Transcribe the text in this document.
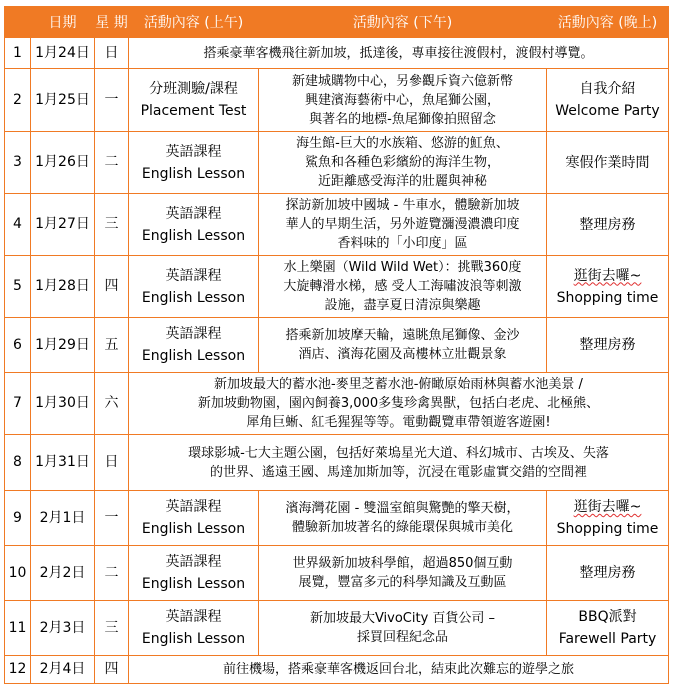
	日期	星 期	活動內容 (上午)	活動內容 (下午)	活動內容 (晚上)
1	1月24日	日	搭乘豪華客機飛往新加坡，抵達後，專車接往渡假村，渡假村導覽。		

2	1月25日	一	分班測驗/課程
Placement Test	新建城購物中心，另參觀斥資六億新幣
興建濱海藝術中心，魚尾獅公園，
與著名的地標-魚尾獅像拍照留念	自我介紹
Welcome Party

3	1月26日	二	英語課程
English Lesson	海生館-巨大的水族箱、悠游的魟魚、
鯊魚和各種色彩繽紛的海洋生物，
近距離感受海洋的壯麗與神秘	寒假作業時間

4	1月27日	三	英語課程
English Lesson	探訪新加坡中國城 - 牛車水，體驗新加坡
華人的早期生活，另外遊覽瀰漫濃濃印度
香料味的「小印度」區	整理房務

5	1月28日	四	英語課程
English Lesson	水上樂園（Wild Wild Wet）：挑戰360度
大旋轉滑水梯，感 受人工海嘯波浪等刺激
設施，盡享夏日清涼與樂趣	逛街去囉~
Shopping time

6	1月29日	五	英語課程
English Lesson	搭乘新加坡摩天輪，遠眺魚尾獅像、金沙
酒店、濱海花園及高樓林立壯觀景象	整理房務

7	1月30日	六	新加坡最大的蓄水池-麥里芝蓄水池-俯瞰原始雨林與蓄水池美景 /
新加坡動物園，園內飼養3,000多隻珍禽異獸，包括白老虎、北極熊、
犀角巨蜥、紅毛猩猩等等。電動觀覽車帶領遊客遊園!		

8	1月31日	日	環球影城-七大主題公園，包括好萊塢星光大道、科幻城市、古埃及、失落
的世界、遙遠王國、馬達加斯加等，沉浸在電影虛實交錯的空間裡		

9	2月1日	一	英語課程
English Lesson	濱海灣花園 - 雙溫室館與驚艷的擎天樹，
體驗新加坡著名的綠能環保與城市美化	逛街去囉~
Shopping time

10	2月2日	二	英語課程
English Lesson	世界級新加坡科學館，超過850個互動
展覽，豐富多元的科學知識及互動區	整理房務

11	2月3日	三	英語課程
English Lesson	新加坡最大VivoCity 百貨公司 –
採買回程紀念品	BBQ派對
Farewell Party

12	2月4日	四	前往機場，搭乘豪華客機返回台北，結束此次難忘的遊學之旅		
